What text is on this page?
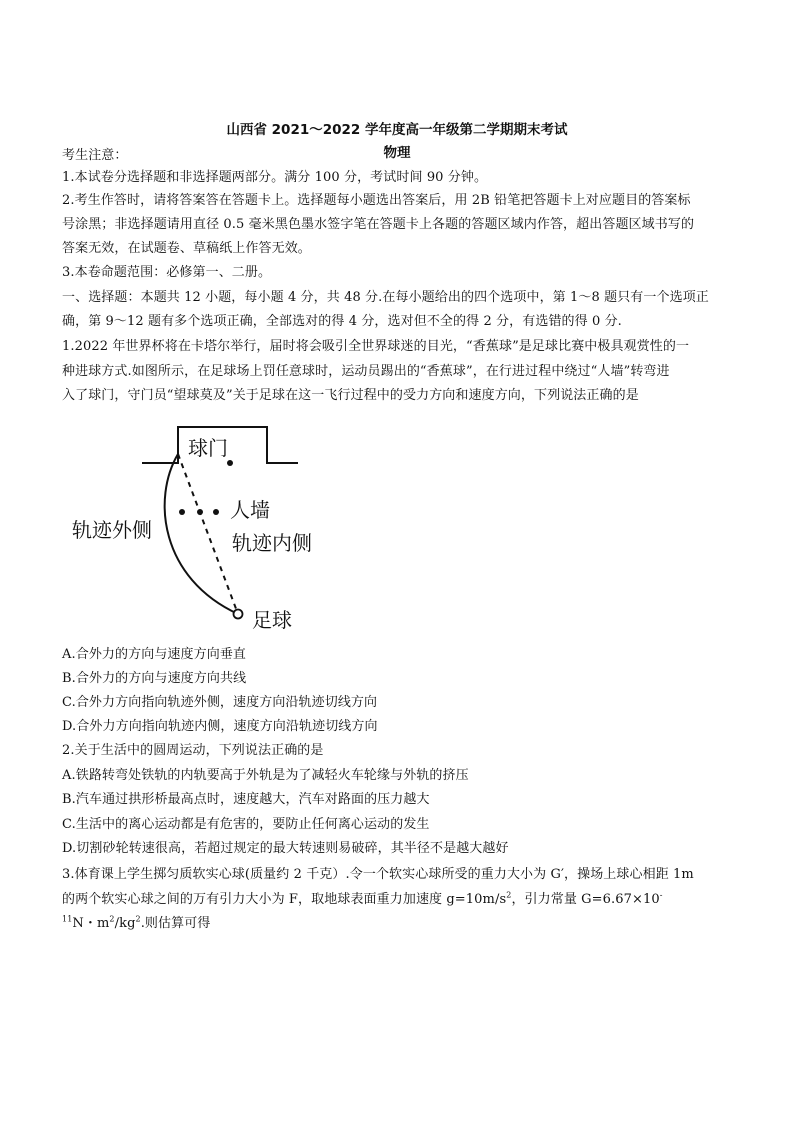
山西省 2021～2022 学年度高一年级第二学期期末考试
物理
考生注意：
1.本试卷分选择题和非选择题两部分。满分 100 分，考试时间 90 分钟。
2.考生作答时，请将答案答在答题卡上。选择题每小题选出答案后，用 2B 铅笔把答题卡上对应题目的答案标
号涂黑；非选择题请用直径 0.5 毫米黑色墨水签字笔在答题卡上各题的答题区域内作答，超出答题区域书写的
答案无效，在试题卷、草稿纸上作答无效。
3.本卷命题范围：必修第一、二册。
一、选择题：本题共 12 小题，每小题 4 分，共 48 分.在每小题给出的四个选项中，第 1～8 题只有一个选项正
确，第 9～12 题有多个选项正确，全部选对的得 4 分，选对但不全的得 2 分，有选错的得 0 分.
1.2022 年世界杯将在卡塔尔举行，届时将会吸引全世界球迷的目光，“香蕉球”是足球比赛中极具观赏性的一
种进球方式.如图所示，在足球场上罚任意球时，运动员踢出的“香蕉球”，在行进过程中绕过“人墙”转弯进
入了球门，守门员“望球莫及”关于足球在这一飞行过程中的受力方向和速度方向，下列说法正确的是
球门
人墙
轨迹外侧
轨迹内侧
足球
A.合外力的方向与速度方向垂直
B.合外力的方向与速度方向共线
C.合外力方向指向轨迹外侧，速度方向沿轨迹切线方向
D.合外力方向指向轨迹内侧，速度方向沿轨迹切线方向
2.关于生活中的圆周运动，下列说法正确的是
A.铁路转弯处铁轨的内轨要高于外轨是为了减轻火车轮缘与外轨的挤压
B.汽车通过拱形桥最高点时，速度越大，汽车对路面的压力越大
C.生活中的离心运动都是有危害的，要防止任何离心运动的发生
D.切割砂轮转速很高，若超过规定的最大转速则易破碎，其半径不是越大越好
3.体育课上学生掷匀质软实心球(质量约 2 千克）.令一个软实心球所受的重力大小为 G′，操场上球心相距 1m
的两个软实心球之间的万有引力大小为 F，取地球表面重力加速度 $g=10m/s^2$，引力常量 G=6.67×10-
$^{11}$N・$m^2/kg^2$.则估算可得
